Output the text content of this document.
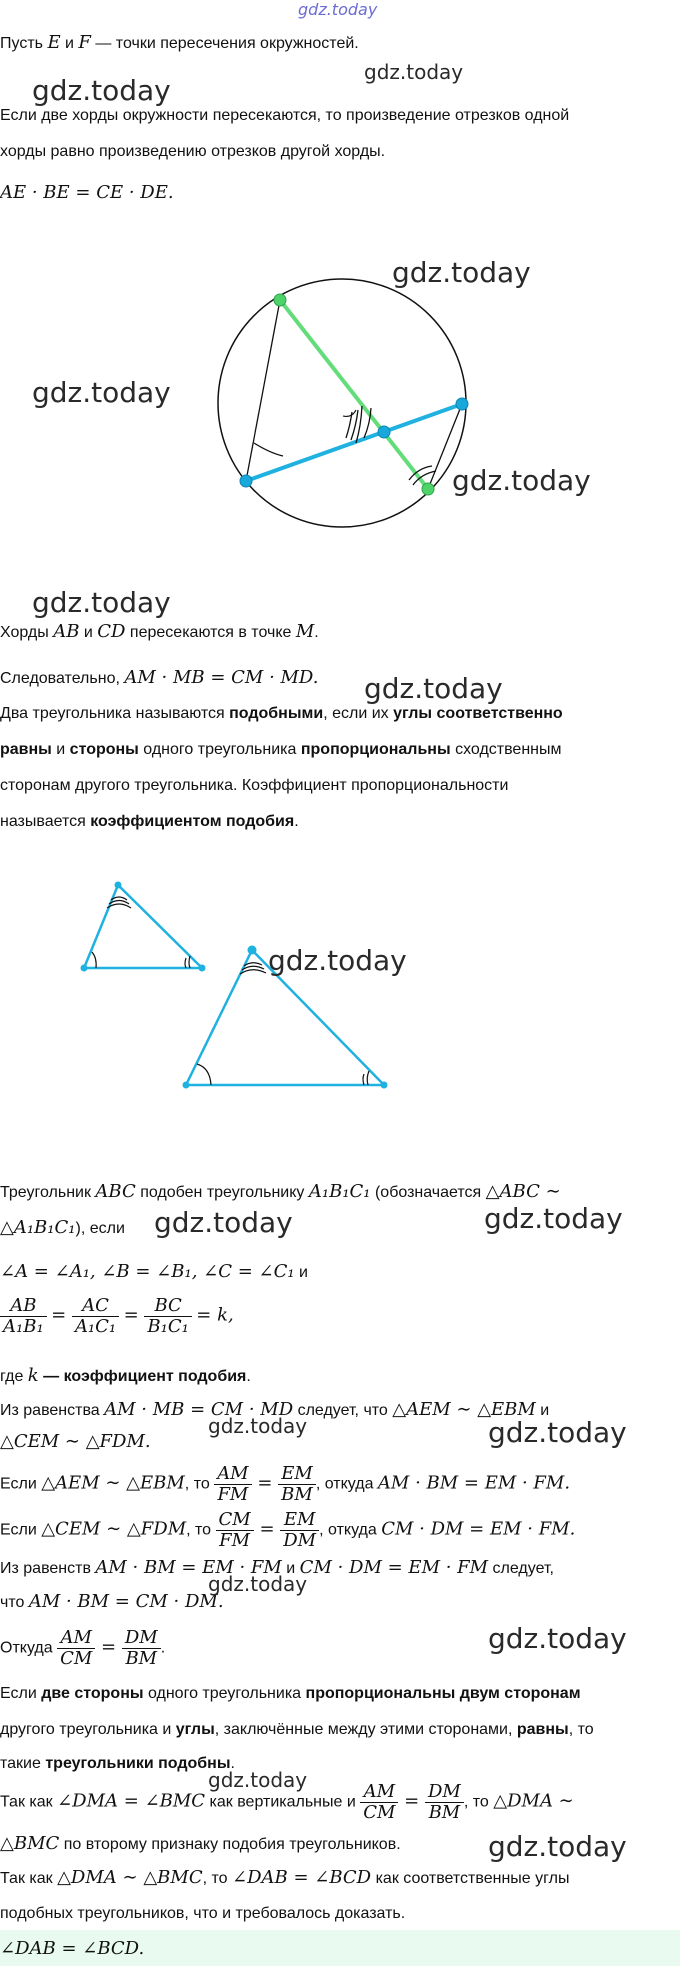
gdz.today

Пусть E и F — точки пересечения окружностей.

gdz.today
gdz.today

Если две хорды окружности пересекаются, то произведение отрезков одной

хорды равно произведению отрезков другой хорды.

AE · BE = CE · DE.

gdz.today
gdz.today
gdz.today
gdz.today

Хорды AB и CD пересекаются в точке M.

Следовательно, AM · MB = CM · MD. gdz.today

Два треугольника называются подобными, если их углы соответственно

равны и стороны одного треугольника пропорциональны сходственным

сторонам другого треугольника. Коэффициент пропорциональности

называется коэффициентом подобия.

gdz.today

Треугольник ABC подобен треугольнику A₁B₁C₁ (обозначается △ABC ∼

△A₁B₁C₁), если gdz.today	gdz.today

∠A = ∠A₁, ∠B = ∠B₁, ∠C = ∠C₁ и

$\frac{AB}{\text{A₁B₁}} = \frac{AC}{\text{A₁C₁}} = \frac{BC}{\text{B₁C₁}} = k$,

где k — коэффициент подобия.

Из равенства AM · MB = CM · MD следует, что △AEM ∼ △EBM и

△CEM ∼ △FDM.

gdz.today	gdz.today
Если △AEM ∼ △EBM, то $\frac{AM}{FM} = \frac{EM}{BM}$ , откуда AM · BM = EM · FM.
Если △CEM ∼ △FDM, то $\frac{CM}{FM} = \frac{EM}{DM}$ , откуда CM · DM = EM · FM.

Из равенств AM · BM = EM · FM и CM · DM = EM · FM следует,

что AM · BM = CM · DM.

gdz.today
Откуда $\frac{AM}{CM} = \frac{DM}{BM}$ .	gdz.today

Если две стороны одного треугольника пропорциональны двум сторонам

другого треугольника и углы, заключённые между этими сторонами, равны, то

такие треугольники подобны.

gdz.today
Так как ∠DMA = ∠BMC как вертикальные и $\frac{AM}{CM} = \frac{DM}{BM}$ , то △DMA ∼

△BMC по второму признаку подобия треугольников.	gdz.today

Так как △DMA ∼ △BMC, то ∠DAB = ∠BCD как соответственные углы

подобных треугольников, что и требовалось доказать.

∠DAB = ∠BCD.
